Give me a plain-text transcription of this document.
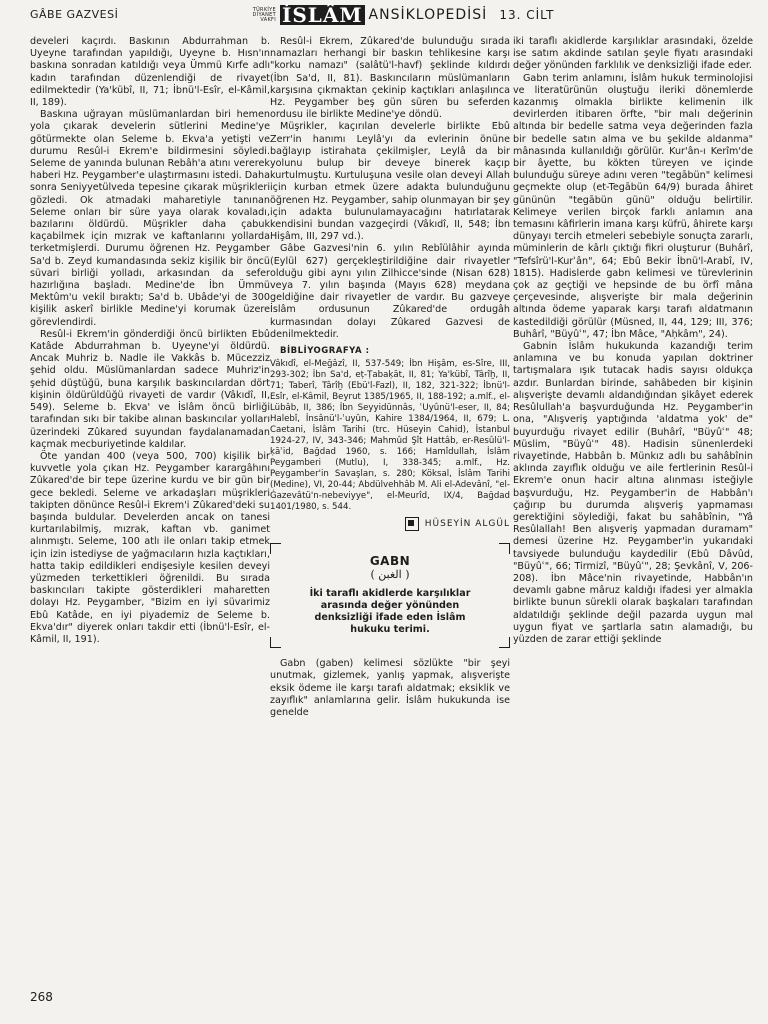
GÂBE GAZVESİ	TÜRKİYE DİYANET VAKFI İSLÂM ANSİKLOPEDİSİ 13. CİLT

develeri kaçırdı. Baskının Abdurrahman b. Uyeyne tarafından yapıldığı, Uyeyne b. Hısn'ın baskına sonradan katıldığı veya Ümmü Kırfe adlı kadın tarafından düzenlendiği de rivayet edilmektedir (Ya'kübî, II, 71; İbnü'l-Esîr, el-Kâmil, II, 189).

Baskına uğrayan müslümanlardan biri hemen yola çıkarak develerin sütlerini Medine'ye götürmekte olan Seleme b. Ekva'a yetişti ve durumu Resûl-i Ekrem'e bildirmesini söyledi. Seleme de yanında bulunan Rebâh'a atını vererek haberi Hz. Peygamber'e ulaştırmasını istedi. Daha sonra Seniyyetülveda tepesine çıkarak müşrikleri gözledi. Ok atmadaki maharetiyle tanınan Seleme onları bir süre yaya olarak kovaladı, bazılarını öldürdü. Müşrikler daha çabuk kaçabilmek için mızrak ve kaftanlarını yollarda terketmişlerdi. Durumu öğrenen Hz. Peygamber Sa'd b. Zeyd kumandasında sekiz kişilik bir öncü süvari birliği yolladı, arkasından da sefer hazırlığına başladı. Medine'de İbn Ümmü Mektûm'u vekil bıraktı; Sa'd b. Ubâde'yi de 300 kişilik askerî birlikle Medine'yi korumak üzere görevlendirdi.

Resûl-i Ekrem'in gönderdiği öncü birlikten Ebû Katâde Abdurrahman b. Uyeyne'yi öldürdü. Ancak Muhriz b. Nadle ile Vakkâs b. Mücezziz şehid oldu. Müslümanlardan sadece Muhriz'in şehid düştüğü, buna karşılık baskıncılardan dört kişinin öldürüldüğü rivayeti de vardır (Vâkıdî, II, 549). Seleme b. Ekva' ve İslâm öncü birliği tarafından sıkı bir takibe alınan baskıncılar yolları üzerindeki Zûkared suyundan faydalanamadan kaçmak mecburiyetinde kaldılar.

Öte yandan 400 (veya 500, 700) kişilik bir kuvvetle yola çıkan Hz. Peygamber karargâhını Zûkared'de bir tepe üzerine kurdu ve bir gün bir gece bekledi. Seleme ve arkadaşları müşrikleri takipten dönünce Resûl-i Ekrem'i Zûkared'deki su başında buldular. Develerden ancak on tanesi kurtarılabilmiş, mızrak, kaftan vb. ganimet alınmıştı. Seleme, 100 atlı ile onları takip etmek için izin istediyse de yağmacıların hızla kaçtıkları, hatta takip edildikleri endişesiyle kesilen deveyi yüzmeden terkettikleri öğrenildi. Bu sırada baskıncıları takipte gösterdikleri maharetten dolayı Hz. Peygamber, "Bizim en iyi süvarimiz Ebû Katâde, en iyi piyademiz de Seleme b. Ekva'dır" diyerek onları takdir etti (İbnü'l-Esîr, el-Kâmil, II, 191).

Resûl-i Ekrem, Zûkared'de bulunduğu sırada namazları herhangi bir baskın tehlikesine karşı "korku namazı" (salâtü'l-havf) şeklinde kıldırdı (İbn Sa'd, II, 81). Baskıncıların müslümanların karşısına çıkmaktan çekinip kaçtıkları anlaşılınca Hz. Peygamber beş gün süren bu seferden ordusu ile birlikte Medine'ye döndü.

Müşrikler, kaçırılan develerle birlikte Ebû Zerr'in hanımı Leylâ'yı da evlerinin önüne bağlayıp istirahata çekilmişler, Leylâ da bir yolunu bulup bir deveye binerek kaçıp kurtulmuştu. Kurtuluşuna vesile olan deveyi Allah için kurban etmek üzere adakta bulunduğunu öğrenen Hz. Peygamber, sahip olunmayan bir şey için adakta bulunulamayacağını hatırlatarak kendisini bundan vazgeçirdi (Vâkıdî, II, 548; İbn Hişâm, III, 297 vd.).

Gâbe Gazvesi'nin 6. yılın Rebîülâhir ayında (Eylül 627) gerçekleştirildiğine dair rivayetler olduğu gibi aynı yılın Zilhicce'sinde (Nisan 628) veya 7. yılın başında (Mayıs 628) meydana geldiğine dair rivayetler de vardır. Bu gazveye İslâm ordusunun Zûkared'de ordugâh kurmasından dolayı Zûkared Gazvesi de denilmektedir.

BİBLİYOGRAFYA :
Vâkıdî, el-Meğâzî, II, 537-549; İbn Hişâm, es-Sîre, III, 293-302; İbn Sa'd, eṭ-Ṭabaḳāt, II, 81; Ya'kübî, Târîḫ, II, 71; Taberî, Târîḫ (Ebü'l-Fazl), II, 182, 321-322; İbnü'l-Esîr, el-Kâmil, Beyrut 1385/1965, II, 188-192; a.mlf., el-Lübâb, II, 386; İbn Seyyidünnâs, ʿUyûnü'l-eser, II, 84; Halebî, İnsânü'l-ʿuyûn, Kahire 1384/1964, II, 679; L. Caetani, İslâm Tarihi (trc. Hüseyin Cahid), İstanbul 1924-27, IV, 343-346; Mahmûd Şît Hattâb, er-Resûlü'l-ḳāʾid, Bağdad 1960, s. 166; Hamîdullah, İslâm Peygamberi (Mutlu), I, 338-345; a.mlf., Hz. Peygamber'in Savaşları, s. 280; Köksal, İslâm Tarihi (Medine), VI, 20-44; Abdülvehhâb M. Ali el-Adevânî, "el-Ġazevâtü'n-nebeviyye", el-Meurîd, IX/4, Bağdad 1401/1980, s. 544.
HÜSEYİN ALGÜL
GABN
( الغبن )
İki taraflı akidlerde karşılıklar arasında değer yönünden denksizliği ifade eden İslâm hukuku terimi.

Gabn (gaben) kelimesi sözlükte "bir şeyi unutmak, gizlemek, yanlış yapmak, alışverişte eksik ödeme ile karşı tarafı aldatmak; eksiklik ve zayıflık" anlamlarına gelir. İslâm hukukunda ise genelde

iki taraflı akidlerde karşılıklar arasındaki, özelde ise satım akdinde satılan şeyle fiyatı arasındaki değer yönünden farklılık ve denksizliği ifade eder.

Gabn terim anlamını, İslâm hukuk terminolojisi ve literatürünün oluştuğu ileriki dönemlerde kazanmış olmakla birlikte kelimenin ilk devirlerden itibaren örfte, "bir malı değerinin altında bir bedelle satma veya değerinden fazla bir bedelle satın alma ve bu şekilde aldanma" mânasında kullanıldığı görülür. Kur'ân-ı Kerîm'de bir âyette, bu kökten türeyen ve içinde bulunduğu süreye adını veren "tegābün" kelimesi geçmekte olup (et-Tegābün 64/9) burada âhiret gününün "tegābün günü" olduğu belirtilir. Kelimeye verilen birçok farklı anlamın ana temasını kâfirlerin imana karşı küfrü, âhirete karşı dünyayı tercih etmeleri sebebiyle sonuçta zararlı, müminlerin de kârlı çıktığı fikri oluşturur (Buhârî, "Tefsîrü'l-Kurʾân", 64; Ebû Bekir İbnü'l-Arabî, IV, 1815). Hadislerde gabn kelimesi ve türevlerinin çok az geçtiği ve hepsinde de bu örfî mâna çerçevesinde, alışverişte bir mala değerinin altında ödeme yaparak karşı tarafı aldatmanın kastedildiği görülür (Müsned, II, 44, 129; III, 376; Buhârî, "Büyûʿ", 47; İbn Mâce, "Aḥkâm", 24).

Gabnin İslâm hukukunda kazandığı terim anlamına ve bu konuda yapılan doktriner tartışmalara ışık tutacak hadis sayısı oldukça azdır. Bunlardan birinde, sahâbeden bir kişinin alışverişte devamlı aldandığından şikâyet ederek Resûlullah'a başvurduğunda Hz. Peygamber'in ona, "Alışveriş yaptığında 'aldatma yok' de" buyurduğu rivayet edilir (Buhârî, "Büyûʿ" 48; Müslim, "Büyûʿ" 48). Hadisin sünenlerdeki rivayetinde, Habbân b. Münkız adlı bu sahâbînin aklında zayıflık olduğu ve aile fertlerinin Resûl-i Ekrem'e onun hacir altına alınması isteğiyle başvurduğu, Hz. Peygamber'in de Habbân'ı çağırıp bu durumda alışveriş yapmaması gerektiğini söylediği, fakat bu sahâbînin, "Yâ Resûlallah! Ben alışveriş yapmadan duramam" demesi üzerine Hz. Peygamber'in yukarıdaki tavsiyede bulunduğu kaydedilir (Ebû Dâvûd, "Büyûʿ", 66; Tirmizî, "Büyûʿ", 28; Şevkânî, V, 206-208). İbn Mâce'nin rivayetinde, Habbân'ın devamlı gabne mâruz kaldığı ifadesi yer almakla birlikte bunun sürekli olarak başkaları tarafından aldatıldığı şeklinde değil pazarda uygun mal uygun fiyat ve şartlarla satın alamadığı, bu yüzden de zarar ettiği şeklinde

268
